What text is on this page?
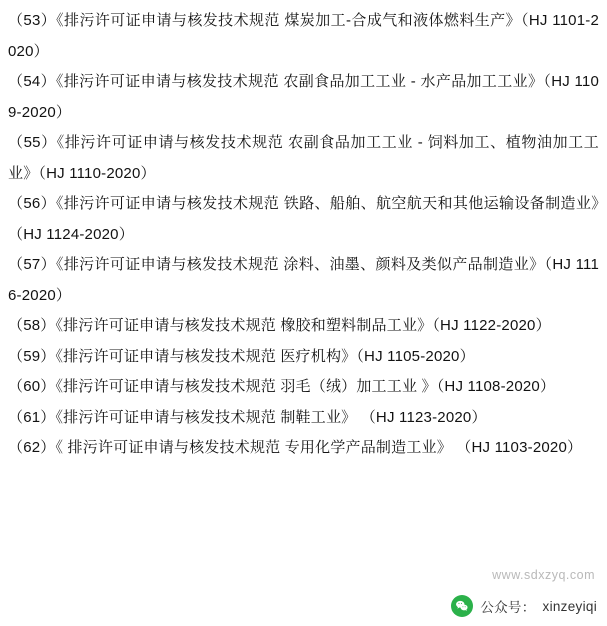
（53）《排污许可证申请与核发技术规范 煤炭加工-合成气和液体燃料生产》（HJ 1101-2020）

（54）《排污许可证申请与核发技术规范 农副食品加工工业 - 水产品加工工业》（HJ 1109-2020）

（55）《排污许可证申请与核发技术规范 农副食品加工工业 - 饲料加工、植物油加工工业》（HJ 1110-2020）

（56）《排污许可证申请与核发技术规范 铁路、船舶、航空航天和其他运输设备制造业》（HJ 1124-2020）

（57）《排污许可证申请与核发技术规范 涂料、油墨、颜料及类似产品制造业》（HJ 1116-2020）

（58）《排污许可证申请与核发技术规范 橡胶和塑料制品工业》（HJ 1122-2020）

（59）《排污许可证申请与核发技术规范 医疗机构》（HJ 1105-2020）

（60）《排污许可证申请与核发技术规范 羽毛（绒）加工工业 》（HJ 1108-2020）

（61）《排污许可证申请与核发技术规范 制鞋工业》 （HJ 1123-2020）

（62）《 排污许可证申请与核发技术规范 专用化学产品制造工业》 （HJ 1103-2020）

www.sdxzyq.com
公众号： xinzeyiqi
